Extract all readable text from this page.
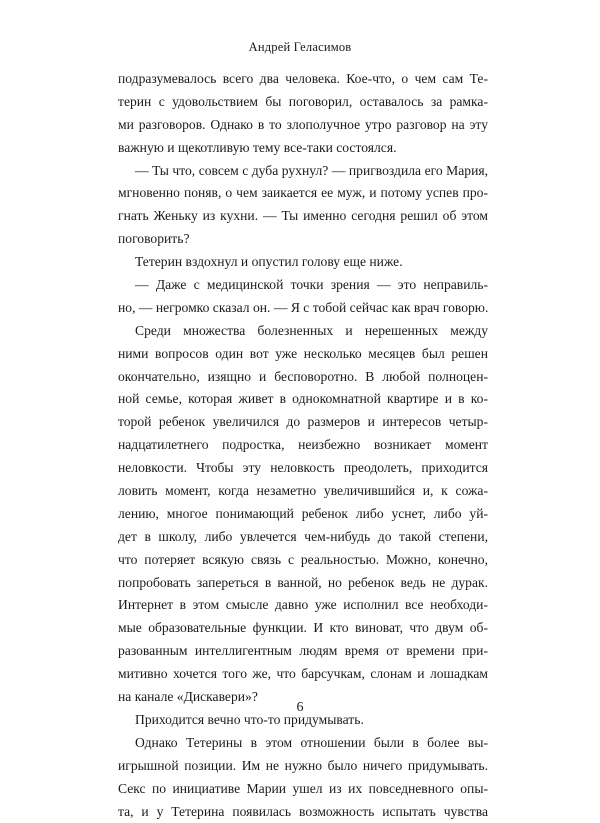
Андрей Геласимов
подразумевалось всего два человека. Кое-что, о чем сам Те-
терин с удовольствием бы поговорил, оставалось за рамка-
ми разговоров. Однако в то злополучное утро разговор на эту
важную и щекотливую тему все-таки состоялся.
— Ты что, совсем с дуба рухнул? — пригвоздила его Мария,
мгновенно поняв, о чем заикается ее муж, и потому успев про-
гнать Женьку из кухни. — Ты именно сегодня решил об этом
поговорить?
Тетерин вздохнул и опустил голову еще ниже.
— Даже с медицинской точки зрения — это неправиль-
но, — негромко сказал он. — Я с тобой сейчас как врач говорю.
Среди множества болезненных и нерешенных между
ними вопросов один вот уже несколько месяцев был решен
окончательно, изящно и бесповоротно. В любой полноцен-
ной семье, которая живет в однокомнатной квартире и в ко-
торой ребенок увеличился до размеров и интересов четыр-
надцатилетнего подростка, неизбежно возникает момент
неловкости. Чтобы эту неловкость преодолеть, приходится
ловить момент, когда незаметно увеличившийся и, к сожа-
лению, многое понимающий ребенок либо уснет, либо уй-
дет в школу, либо увлечется чем-нибудь до такой степени,
что потеряет всякую связь с реальностью. Можно, конечно,
попробовать запереться в ванной, но ребенок ведь не дурак.
Интернет в этом смысле давно уже исполнил все необходи-
мые образовательные функции. И кто виноват, что двум об-
разованным интеллигентным людям время от времени при-
митивно хочется того же, что барсучкам, слонам и лошадкам
на канале «Дискавери»?
Приходится вечно что-то придумывать.
Однако Тетерины в этом отношении были в более вы-
игрышной позиции. Им не нужно было ничего придумывать.
Секс по инициативе Марии ушел из их повседневного опы-
та, и у Тетерина появилась возможность испытать чувства
6
